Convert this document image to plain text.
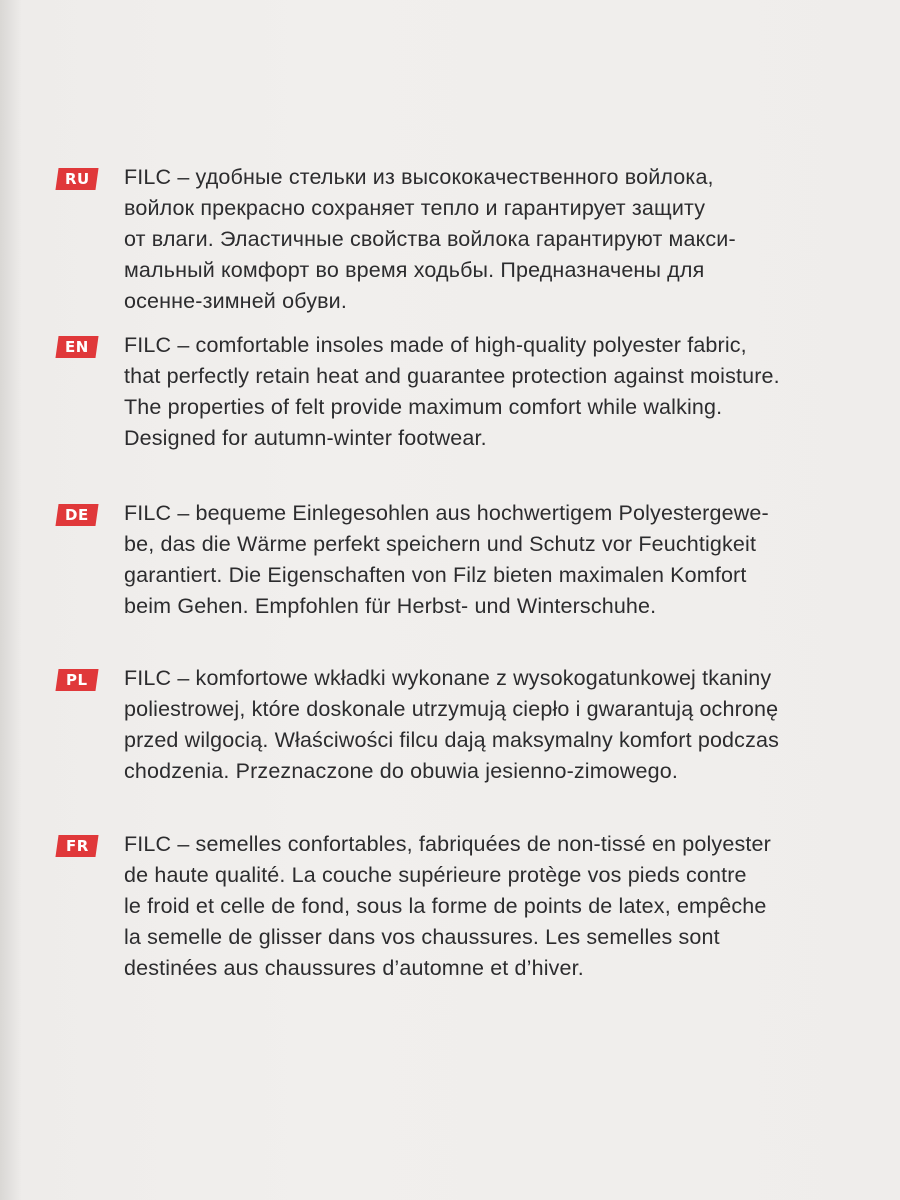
RU	FILC – удобные стельки из высококачественного войлока,
войлок прекрасно сохраняет тепло и гарантирует защиту
от влаги. Эластичные свойства войлока гарантируют макси-
мальный комфорт во время ходьбы. Предназначены для
осенне-зимней обуви.

EN	FILC – comfortable insoles made of high-quality polyester fabric,
that perfectly retain heat and guarantee protection against moisture.
The properties of felt provide maximum comfort while walking.
Designed for autumn-winter footwear.

DE	FILC – bequeme Einlegesohlen aus hochwertigem Polyestergewe-
be, das die Wärme perfekt speichern und Schutz vor Feuchtigkeit
garantiert. Die Eigenschaften von Filz bieten maximalen Komfort
beim Gehen. Empfohlen für Herbst- und Winterschuhe.

PL	FILC – komfortowe wkładki wykonane z wysokogatunkowej tkaniny
poliestrowej, które doskonale utrzymują ciepło i gwarantują ochronę
przed wilgocią. Właściwości filcu dają maksymalny komfort podczas
chodzenia. Przeznaczone do obuwia jesienno-zimowego.

FR	FILC – semelles confortables, fabriquées de non-tissé en polyester
de haute qualité. La couche supérieure protège vos pieds contre
le froid et celle de fond, sous la forme de points de latex, empêche
la semelle de glisser dans vos chaussures. Les semelles sont
destinées aus chaussures d’automne et d’hiver.
